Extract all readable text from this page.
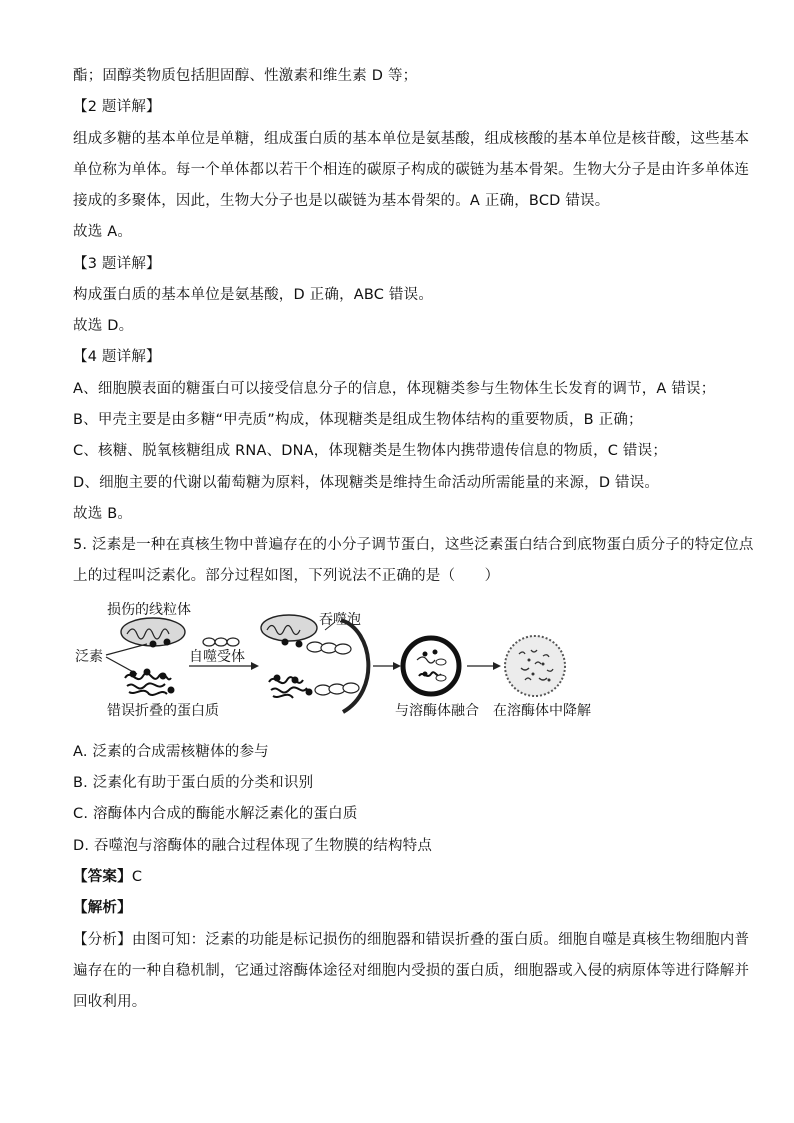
酯；固醇类物质包括胆固醇、性激素和维生素 D 等；
【2 题详解】
组成多糖的基本单位是单糖，组成蛋白质的基本单位是氨基酸，组成核酸的基本单位是核苷酸，这些基本
单位称为单体。每一个单体都以若干个相连的碳原子构成的碳链为基本骨架。生物大分子是由许多单体连
接成的多聚体，因此，生物大分子也是以碳链为基本骨架的。A 正确，BCD 错误。
故选 A。
【3 题详解】
构成蛋白质的基本单位是氨基酸，D 正确，ABC 错误。
故选 D。
【4 题详解】
A、细胞膜表面的糖蛋白可以接受信息分子的信息，体现糖类参与生物体生长发育的调节，A 错误；
B、甲壳主要是由多糖“甲壳质”构成，体现糖类是组成生物体结构的重要物质，B 正确；
C、核糖、脱氧核糖组成 RNA、DNA，体现糖类是生物体内携带遗传信息的物质，C 错误；
D、细胞主要的代谢以葡萄糖为原料，体现糖类是维持生命活动所需能量的来源，D 错误。
故选 B。
5. 泛素是一种在真核生物中普遍存在的小分子调节蛋白，这些泛素蛋白结合到底物蛋白质分子的特定位点
上的过程叫泛素化。部分过程如图，下列说法不正确的是（　　）
损伤的线粒体
泛素	自噬受体
错误折叠的蛋白质
吞噬泡
与溶酶体融合 在溶酶体中降解
A. 泛素的合成需核糖体的参与
B. 泛素化有助于蛋白质的分类和识别
C. 溶酶体内合成的酶能水解泛素化的蛋白质
D. 吞噬泡与溶酶体的融合过程体现了生物膜的结构特点
【答案】C
【解析】
【分析】由图可知：泛素的功能是标记损伤的细胞器和错误折叠的蛋白质。细胞自噬是真核生物细胞内普
遍存在的一种自稳机制，它通过溶酶体途径对细胞内受损的蛋白质，细胞器或入侵的病原体等进行降解并
回收利用。
